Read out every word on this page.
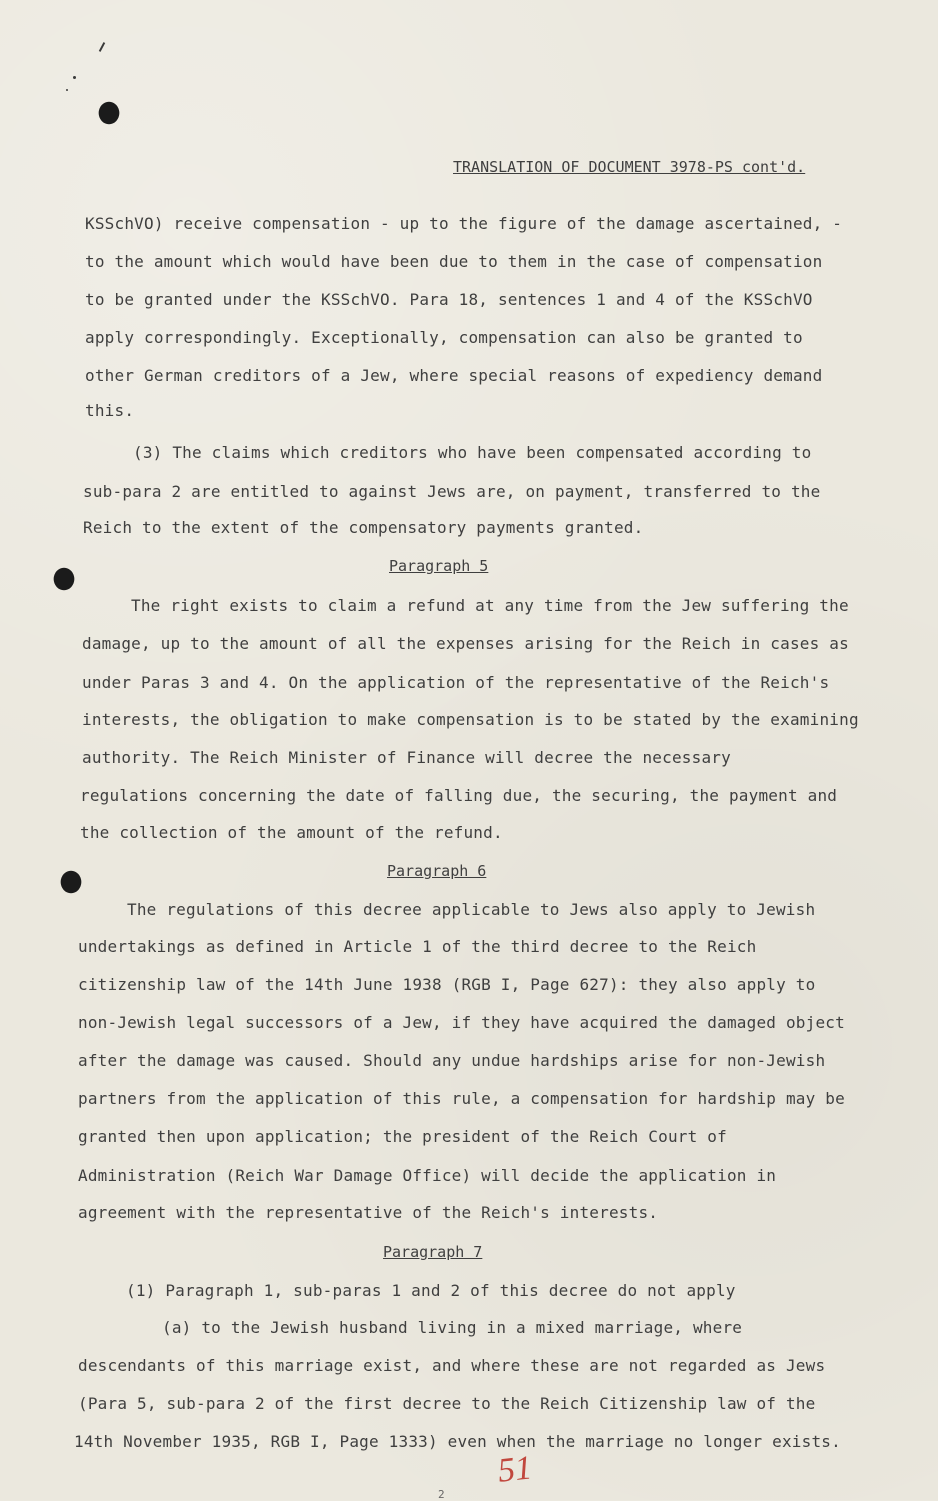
TRANSLATION OF DOCUMENT 3978-PS cont'd.
KSSchVO) receive compensation - up to the figure of the damage ascertained, -
to the amount which would have been due to them in the case of compensation
to be granted under the KSSchVO. Para 18, sentences 1 and 4 of the KSSchVO
apply correspondingly. Exceptionally, compensation can also be granted to
other German creditors of a Jew, where special reasons of expediency demand
this.
(3) The claims which creditors who have been compensated according to
sub-para 2 are entitled to against Jews are, on payment, transferred to the
Reich to the extent of the compensatory payments granted.
Paragraph 5
The right exists to claim a refund at any time from the Jew suffering the
damage, up to the amount of all the expenses arising for the Reich in cases as
under Paras 3 and 4. On the application of the representative of the Reich's
interests, the obligation to make compensation is to be stated by the examining
authority. The Reich Minister of Finance will decree the necessary
regulations concerning the date of falling due, the securing, the payment and
the collection of the amount of the refund.
Paragraph 6
The regulations of this decree applicable to Jews also apply to Jewish
undertakings as defined in Article 1 of the third decree to the Reich
citizenship law of the 14th June 1938 (RGB I, Page 627): they also apply to
non-Jewish legal successors of a Jew, if they have acquired the damaged object
after the damage was caused. Should any undue hardships arise for non-Jewish
partners from the application of this rule, a compensation for hardship may be
granted then upon application; the president of the Reich Court of
Administration (Reich War Damage Office) will decide the application in
agreement with the representative of the Reich's interests.
Paragraph 7
(1) Paragraph 1, sub-paras 1 and 2 of this decree do not apply
(a) to the Jewish husband living in a mixed marriage, where
descendants of this marriage exist, and where these are not regarded as Jews
(Para 5, sub-para 2 of the first decree to the Reich Citizenship law of the
14th November 1935, RGB I, Page 1333) even when the marriage no longer exists.
51
2
